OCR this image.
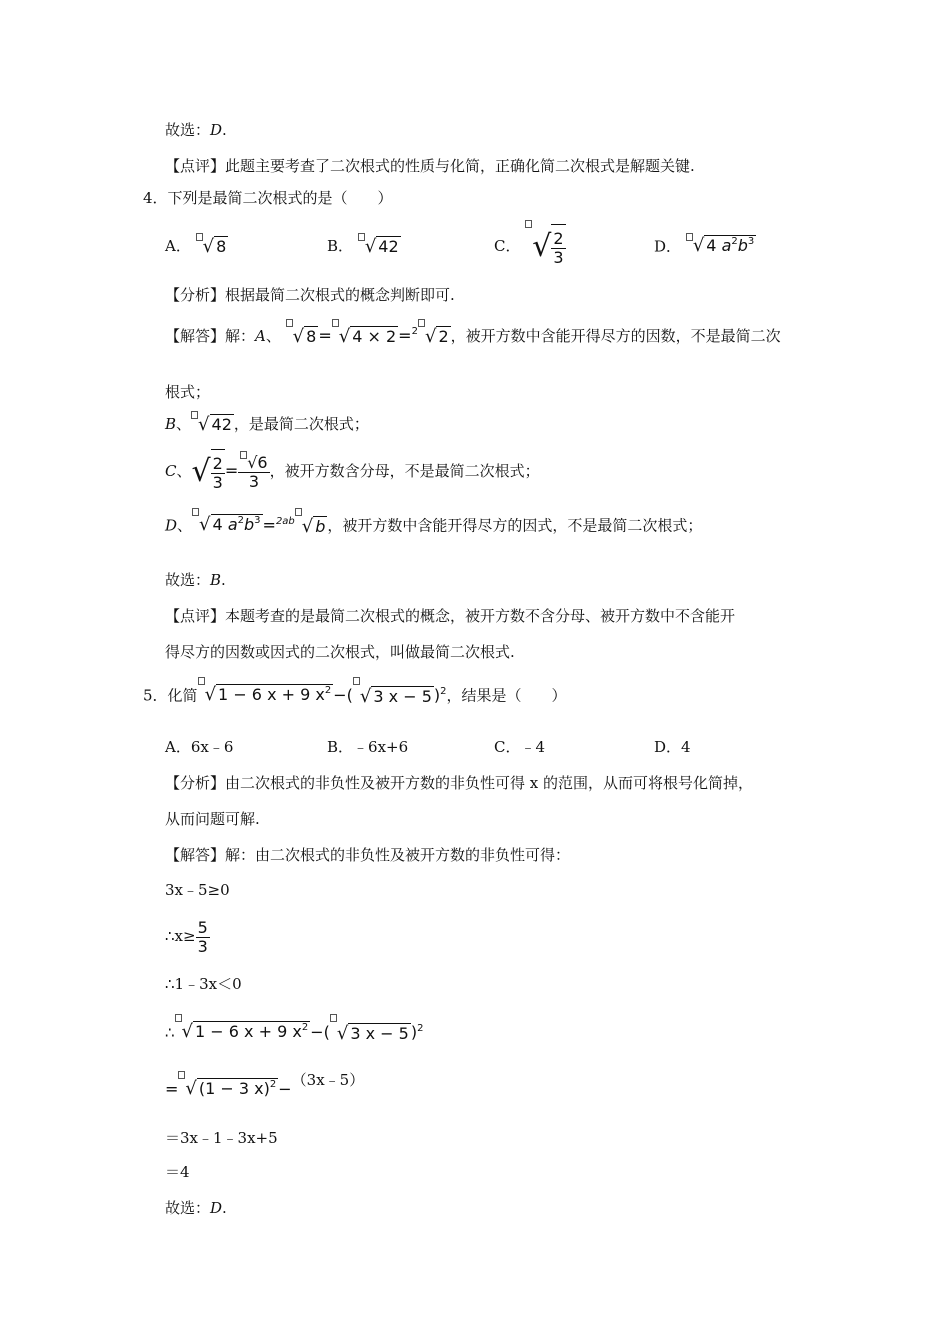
故选：D.
【点评】此题主要考查了二次根式的性质与化简，正确化简二次根式是解题关键.
4．下列是最简二次根式的是（　　）
A． √ 8	B． √ 42	C． √ $\frac{2}{3}$	D． √ 4 $a^2b^3$
【分析】根据最简二次根式的概念判断即可.
【解答】解：A、 √ 8 = √ 4 × 2 =$^2$ √ 2 ，被开方数中含能开得尽方的因数，不是最简二次
根式；
B、 √ 42 ，是最简二次根式；
C、√ $\frac{2}{3} = \frac{√6}{3}$ ，被开方数含分母，不是最简二次根式；
D、 √ 4 $a^2b^3 =^{2ab}$ √ b ，被开方数中含能开得尽方的因式，不是最简二次根式；
故选：B.
【点评】本题考查的是最简二次根式的概念，被开方数不含分母、被开方数中不含能开
得尽方的因数或因式的二次根式，叫做最简二次根式.
5．化简 √ 1 − 6 x + 9 $x^2$ −( √ 3 x − 5 )$^2$，结果是（　　）
A．6x﹣6	B．﹣6x+6	C．﹣4	D．4
【分析】由二次根式的非负性及被开方数的非负性可得 x 的范围，从而可将根号化简掉，
从而问题可解.
【解答】解：由二次根式的非负性及被开方数的非负性可得：
3x﹣5≥0
∴x≥ $\frac{5}{3}$
∴1﹣3x＜0
∴ √ 1 − 6 x + 9 $x^2$ −( √ 3 x − 5 )$^2$
= √ (1 − 3 x)$^2$ −（3x﹣5）
＝3x﹣1﹣3x+5
＝4
故选：D.
